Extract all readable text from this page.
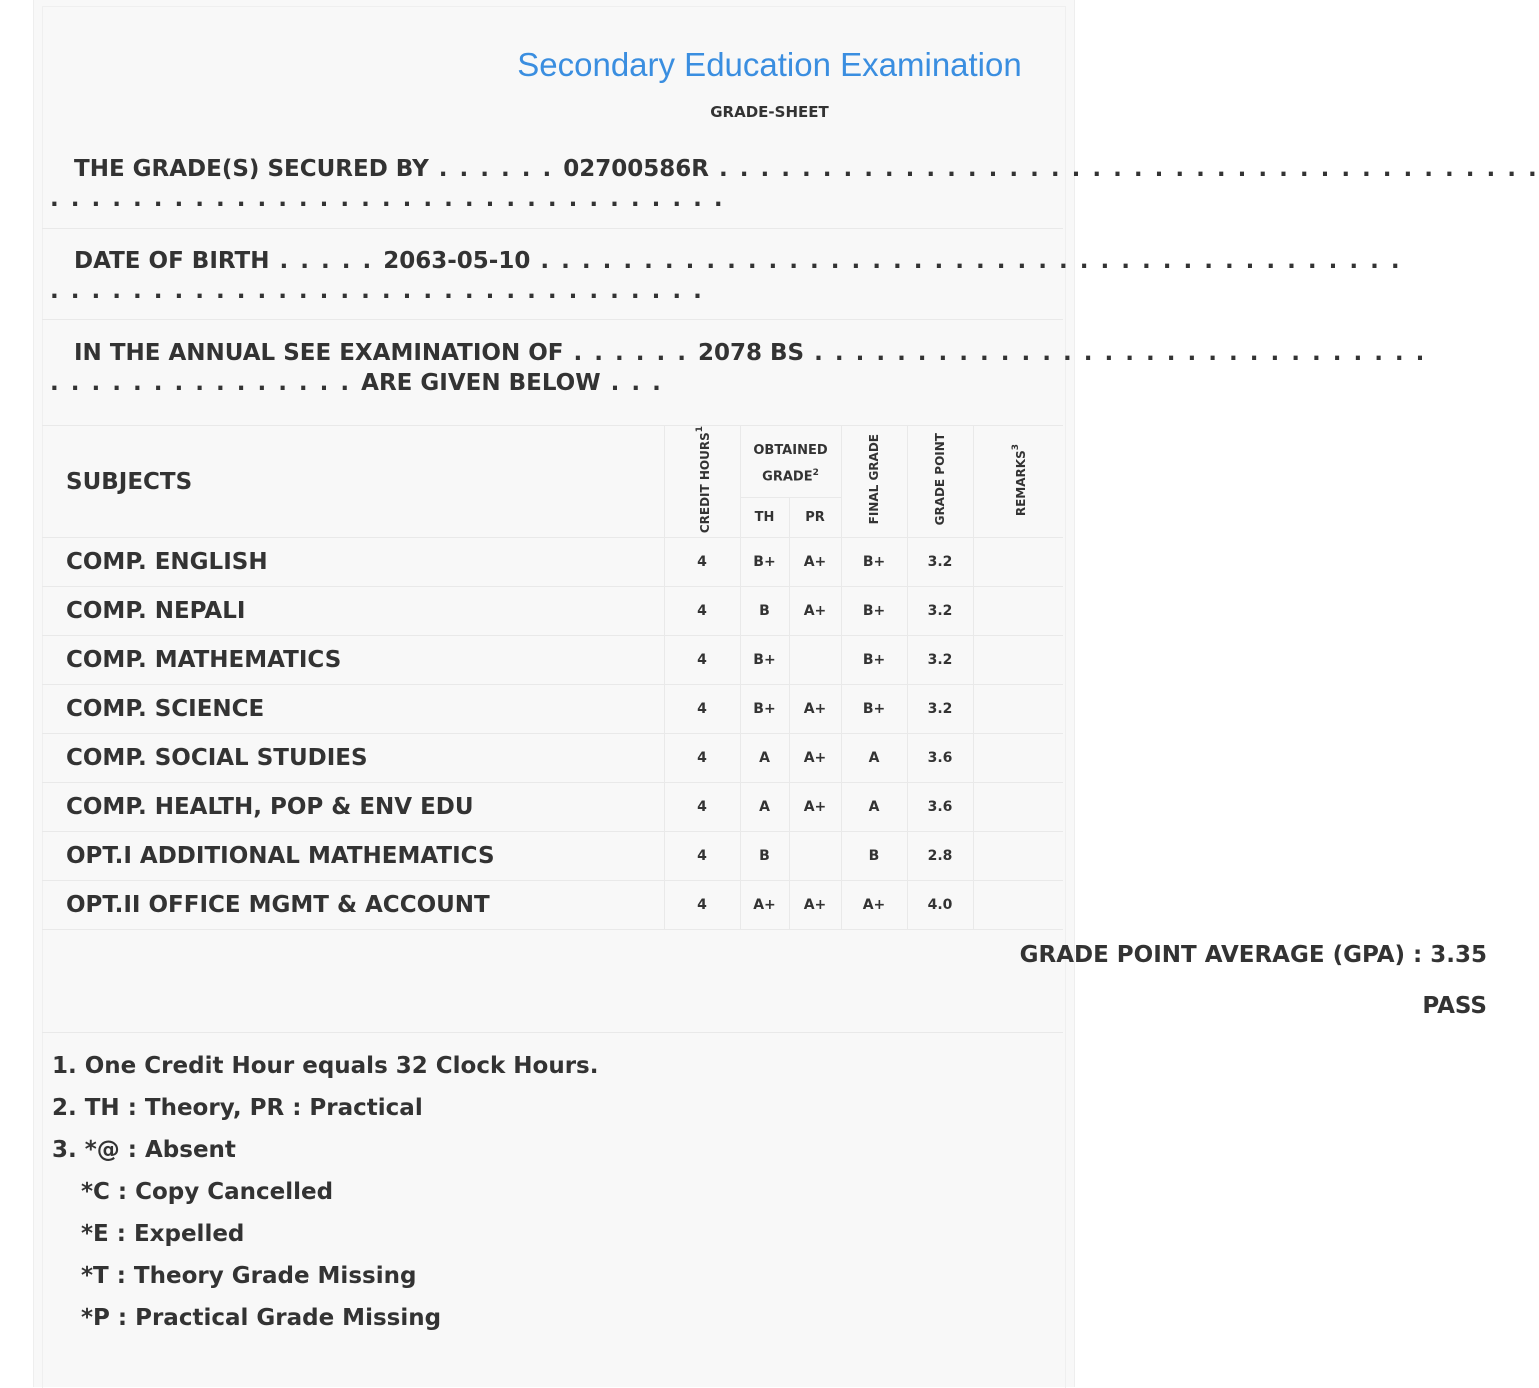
Secondary Education Examination
GRADE-SHEET
THE GRADE(S) SECURED BY . . . . . . 02700586R . . . . . . . . . . . . . . . . . . . . . . . . . . . . . . . . . . . . . . . .
. . . . . . . . . . . . . . . . . . . . . . . . . . . . . . . . .
DATE OF BIRTH . . . . . 2063-05-10 . . . . . . . . . . . . . . . . . . . . . . . . . . . . . . . . . . . . . . . . . .
. . . . . . . . . . . . . . . . . . . . . . . . . . . . . . . .
IN THE ANNUAL SEE EXAMINATION OF . . . . . . 2078 BS . . . . . . . . . . . . . . . . . . . . . . . . . . . . . .
. . . . . . . . . . . . . . . ARE GIVEN BELOW . . .
SUBJECTS	CREDIT HOURS$^1$	OBTAINED GRADE$^2$		FINAL GRADE	GRADE POINT	REMARKS$^3$
		TH	PR			
COMP. ENGLISH	4	B+	A+	B+	3.2	
COMP. NEPALI	4	B	A+	B+	3.2	
COMP. MATHEMATICS	4	B+		B+	3.2	
COMP. SCIENCE	4	B+	A+	B+	3.2	
COMP. SOCIAL STUDIES	4	A	A+	A	3.6	
COMP. HEALTH, POP & ENV EDU	4	A	A+	A	3.6	
OPT.I ADDITIONAL MATHEMATICS	4	B		B	2.8	
OPT.II OFFICE MGMT & ACCOUNT	4	A+	A+	A+	4.0	
GRADE POINT AVERAGE (GPA) : 3.35
PASS
1. One Credit Hour equals 32 Clock Hours.
2. TH : Theory, PR : Practical
3. *@ : Absent
*C : Copy Cancelled
*E : Expelled
*T : Theory Grade Missing
*P : Practical Grade Missing
